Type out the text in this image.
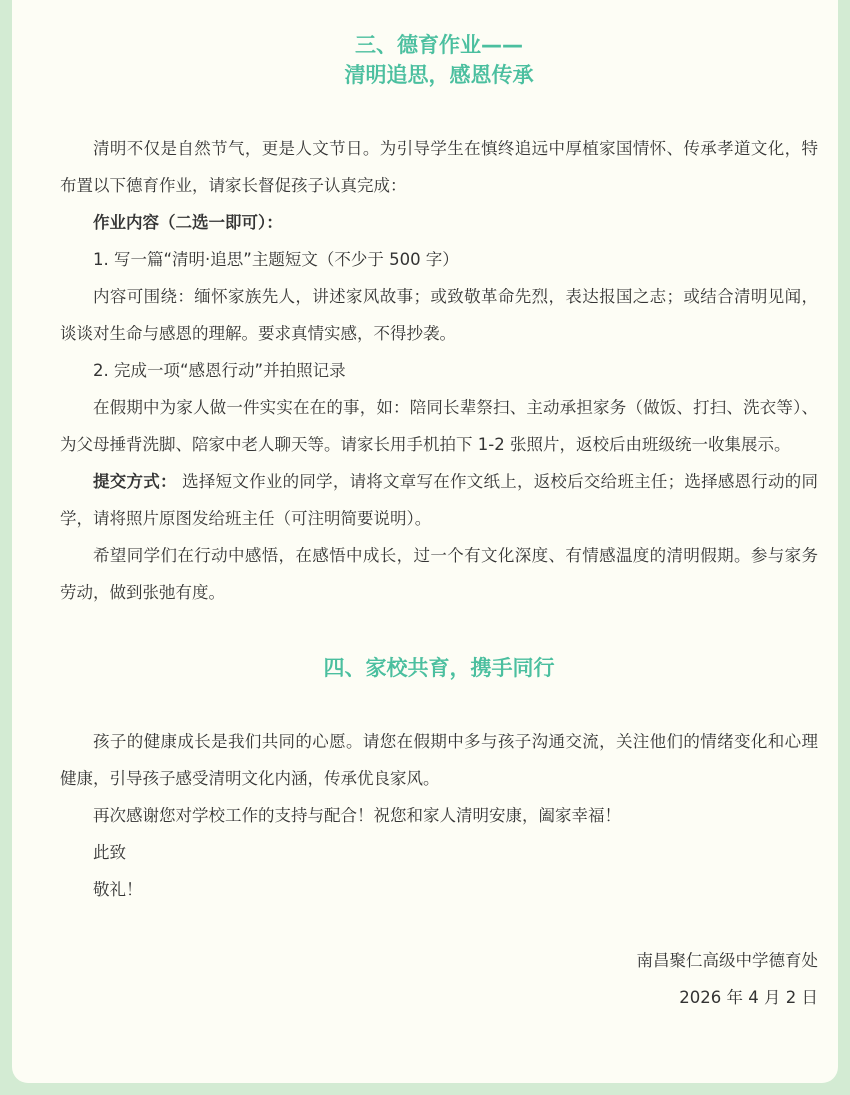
三、德育作业——
清明追思，感恩传承

清明不仅是自然节气，更是人文节日。为引导学生在慎终追远中厚植家国情怀、传承孝道文化，特布置以下德育作业，请家长督促孩子认真完成：

作业内容（二选一即可）：

1. 写一篇“清明·追思”主题短文（不少于 500 字）

内容可围绕：缅怀家族先人，讲述家风故事；或致敬革命先烈，表达报国之志；或结合清明见闻，谈谈对生命与感恩的理解。要求真情实感，不得抄袭。

2. 完成一项“感恩行动”并拍照记录

在假期中为家人做一件实实在在的事，如：陪同长辈祭扫、主动承担家务（做饭、打扫、洗衣等）、为父母捶背洗脚、陪家中老人聊天等。请家长用手机拍下 1-2 张照片，返校后由班级统一收集展示。

提交方式： 选择短文作业的同学，请将文章写在作文纸上，返校后交给班主任；选择感恩行动的同学，请将照片原图发给班主任（可注明简要说明）。

希望同学们在行动中感悟，在感悟中成长，过一个有文化深度、有情感温度的清明假期。参与家务劳动，做到张弛有度。

四、家校共育，携手同行

孩子的健康成长是我们共同的心愿。请您在假期中多与孩子沟通交流，关注他们的情绪变化和心理健康，引导孩子感受清明文化内涵，传承优良家风。

再次感谢您对学校工作的支持与配合！祝您和家人清明安康，阖家幸福！

此致

敬礼！

南昌聚仁高级中学德育处

2026 年 4 月 2 日
